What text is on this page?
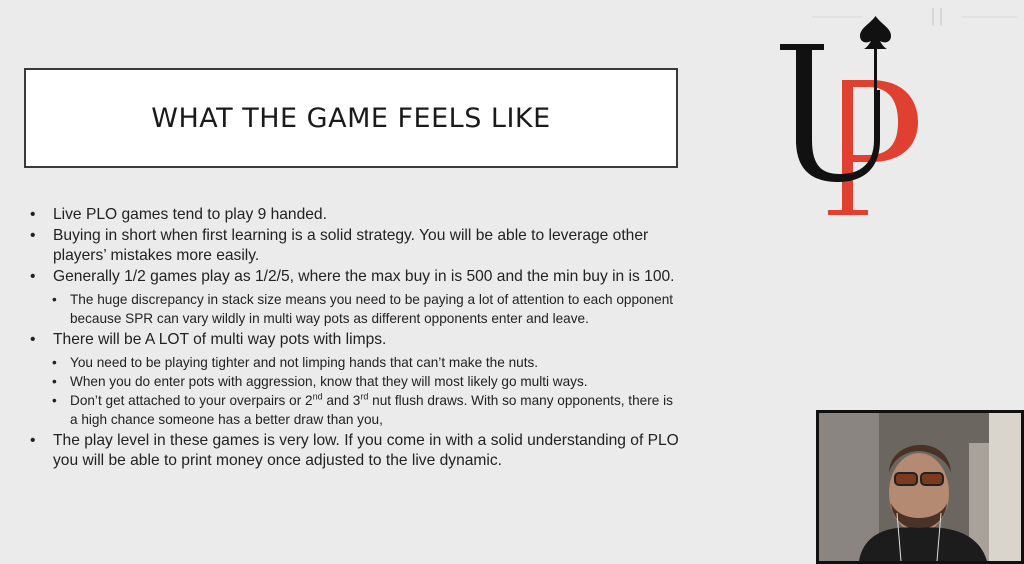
WHAT THE GAME FEELS LIKE
•	Live PLO games tend to play 9 handed.
•	Buying in short when first learning is a solid strategy. You will be able to leverage other players’ mistakes more easily.
•	Generally 1/2 games play as 1/2/5, where the max buy in is 500 and the min buy in is 100.
• The huge discrepancy in stack size means you need to be paying a lot of attention to each opponent because SPR can vary wildly in multi way pots as different opponents enter and leave.
•	There will be A LOT of multi way pots with limps.
• You need to be playing tighter and not limping hands that can’t make the nuts.
• When you do enter pots with aggression, know that they will most likely go multi ways.
• Don’t get attached to your overpairs or 2nd and 3rd nut flush draws. With so many opponents, there is a high chance someone has a better draw than you,
•	The play level in these games is very low. If you come in with a solid understanding of PLO you will be able to print money once adjusted to the live dynamic.
